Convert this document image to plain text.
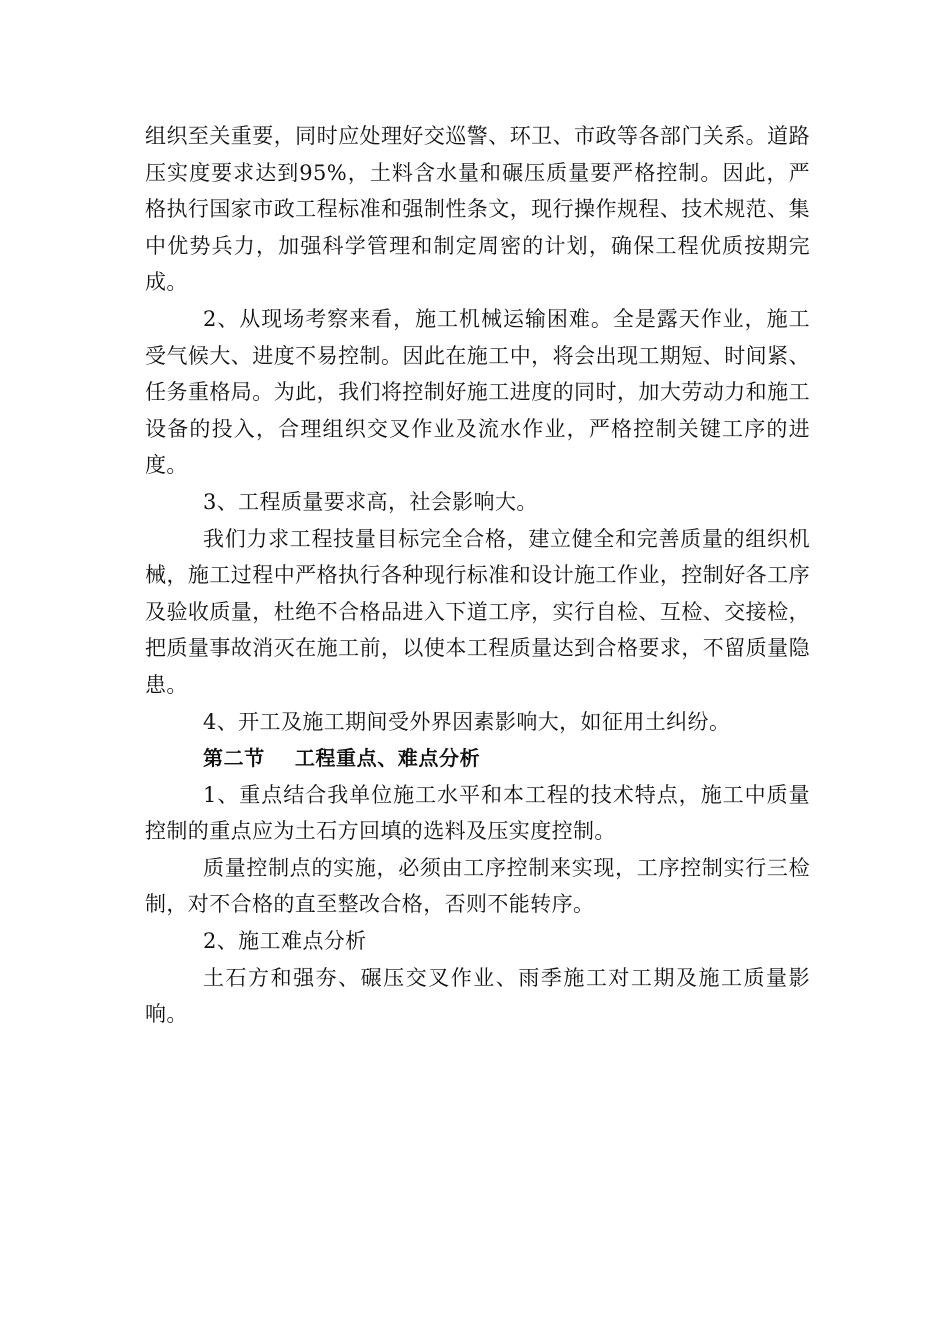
组织至关重要，同时应处理好交巡警、环卫、市政等各部门关系。道路压实度要求达到95%，土料含水量和碾压质量要严格控制。因此，严格执行国家市政工程标准和强制性条文，现行操作规程、技术规范、集中优势兵力，加强科学管理和制定周密的计划，确保工程优质按期完成。

2、从现场考察来看，施工机械运输困难。全是露天作业，施工受气候大、进度不易控制。因此在施工中，将会出现工期短、时间紧、任务重格局。为此，我们将控制好施工进度的同时，加大劳动力和施工设备的投入，合理组织交叉作业及流水作业，严格控制关键工序的进度。

3、工程质量要求高，社会影响大。

我们力求工程技量目标完全合格，建立健全和完善质量的组织机械，施工过程中严格执行各种现行标准和设计施工作业，控制好各工序及验收质量，杜绝不合格品进入下道工序，实行自检、互检、交接检，把质量事故消灭在施工前，以使本工程质量达到合格要求，不留质量隐患。

4、开工及施工期间受外界因素影响大，如征用土纠纷。

第二节 工程重点、难点分析

1、重点结合我单位施工水平和本工程的技术特点，施工中质量控制的重点应为土石方回填的选料及压实度控制。

质量控制点的实施，必须由工序控制来实现，工序控制实行三检制，对不合格的直至整改合格，否则不能转序。

2、施工难点分析

土石方和强夯、碾压交叉作业、雨季施工对工期及施工质量影响。
